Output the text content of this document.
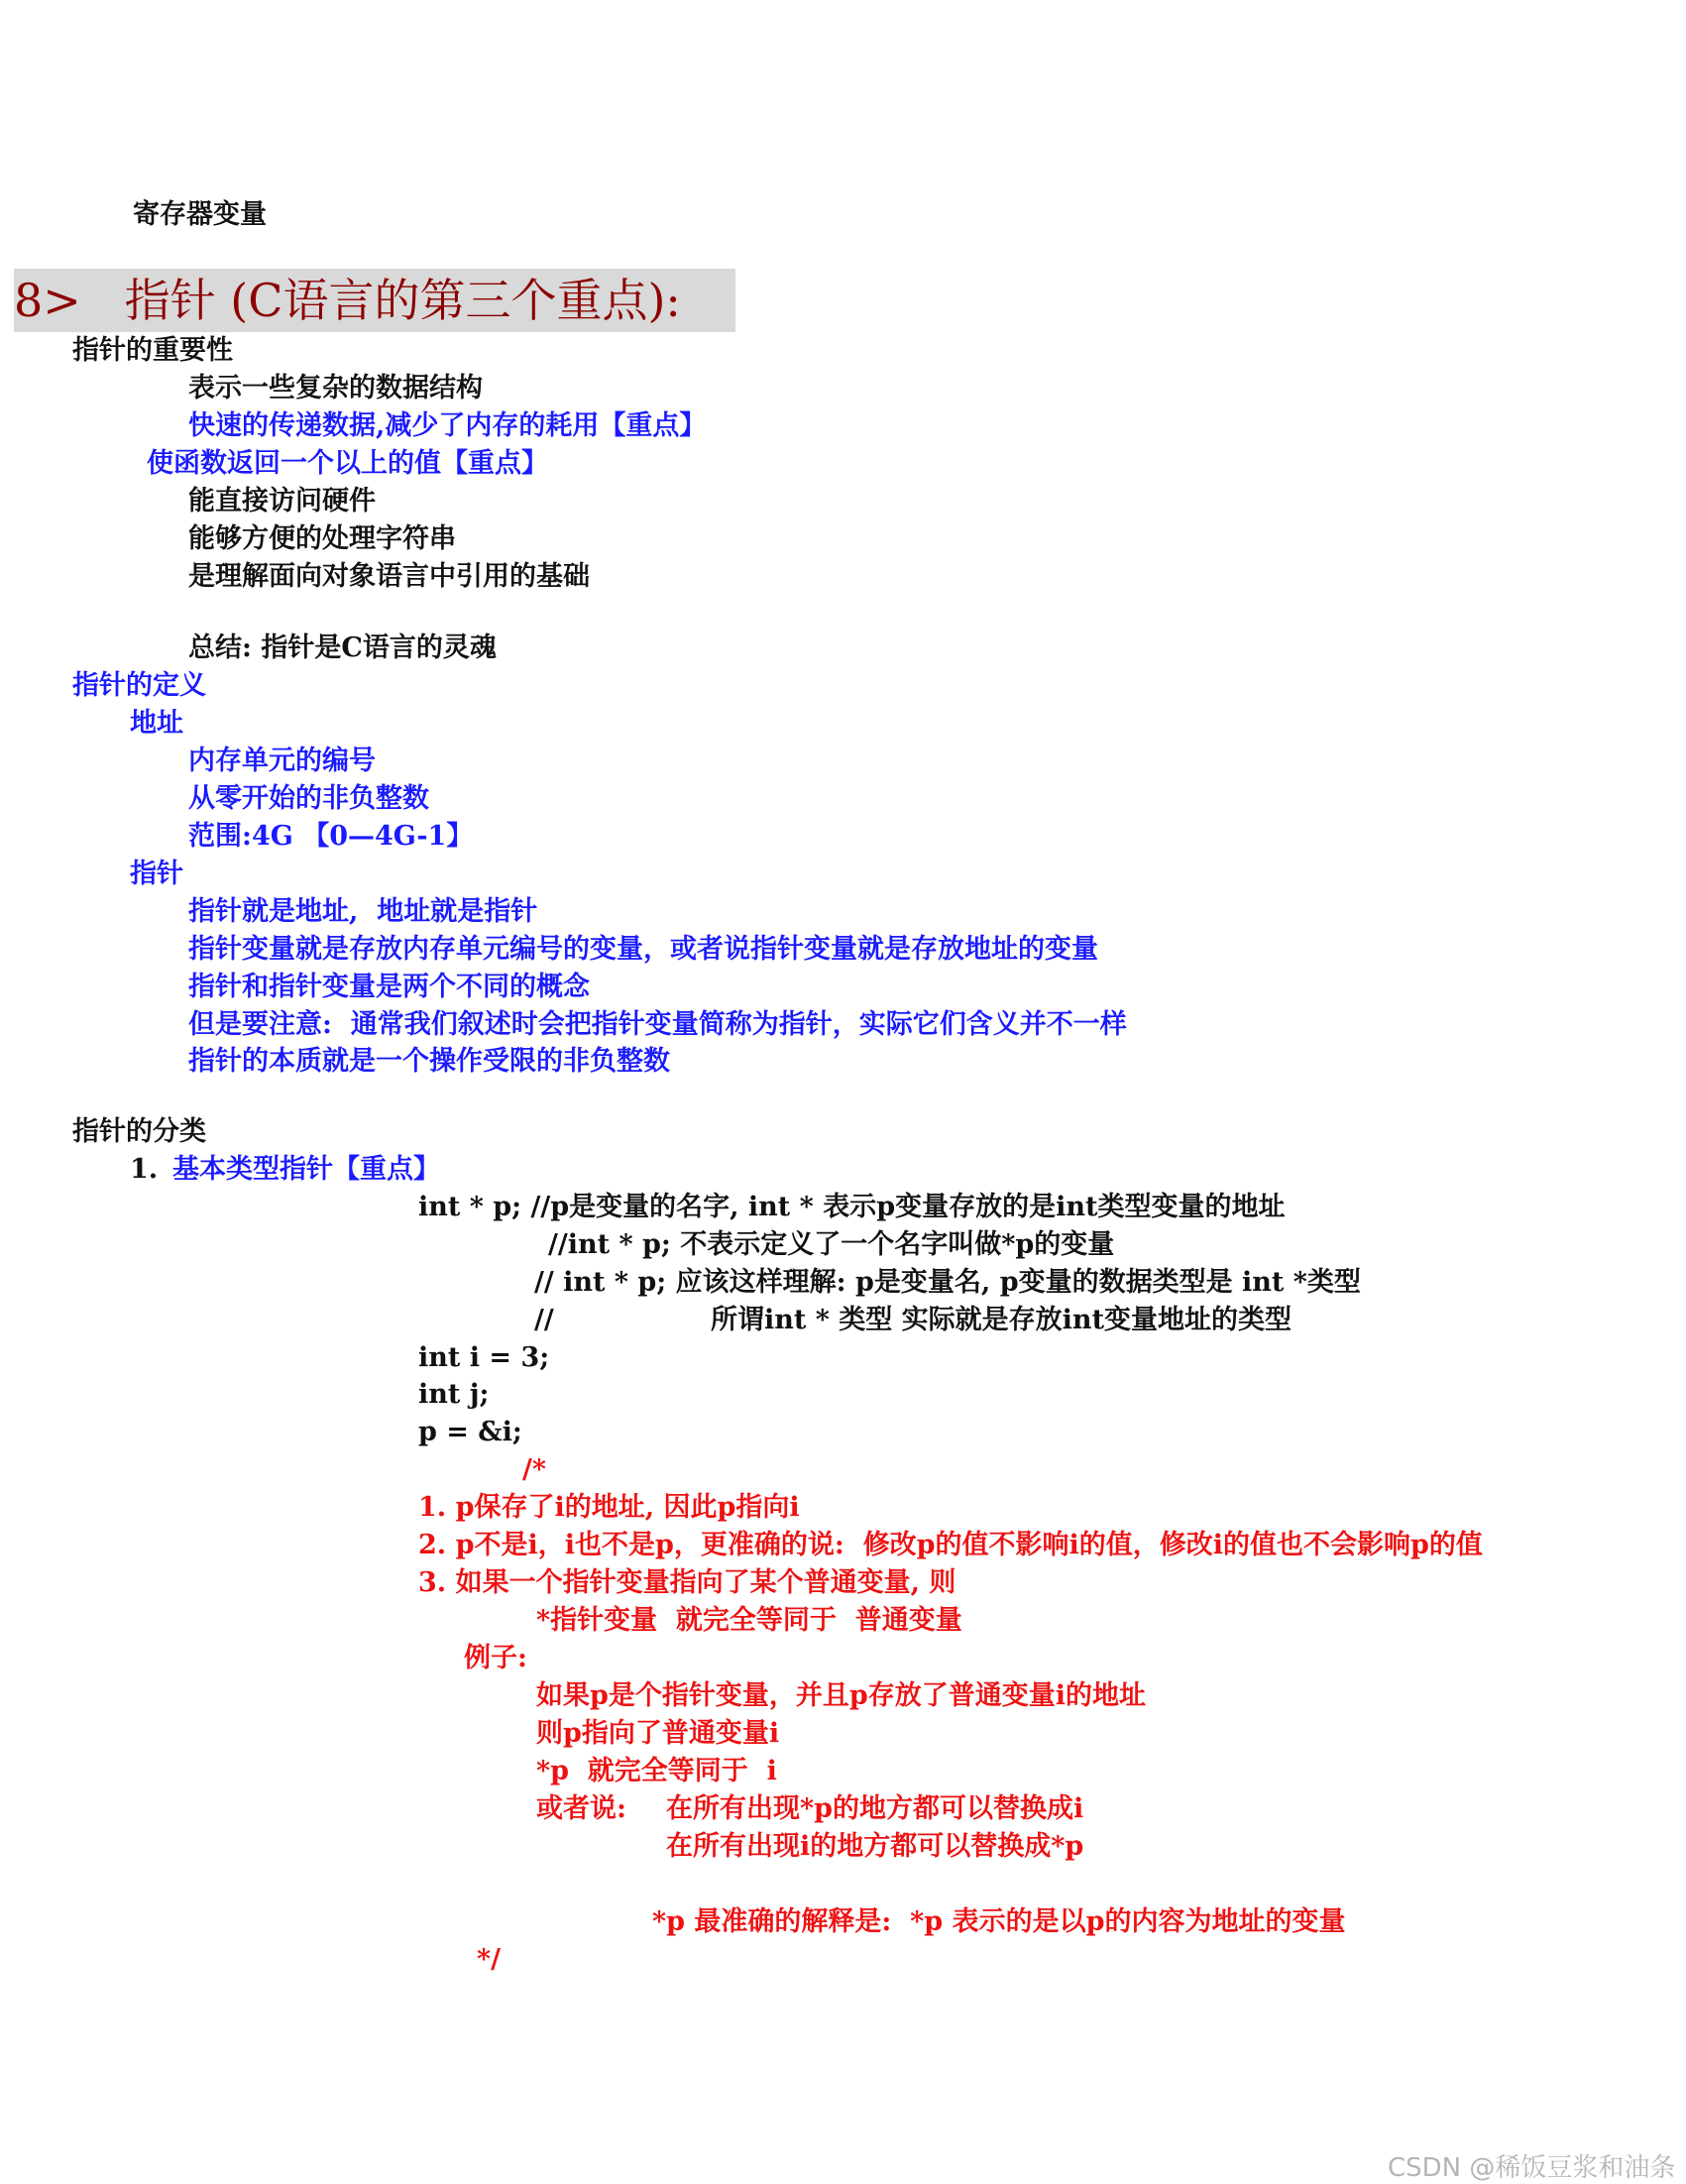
寄存器变量
8>   指针 (C语言的第三个重点):
指针的重要性
表示一些复杂的数据结构
快速的传递数据,减少了内存的耗用【重点】
使函数返回一个以上的值【重点】
能直接访问硬件
能够方便的处理字符串
是理解面向对象语言中引用的基础
总结: 指针是C语言的灵魂
指针的定义
地址
内存单元的编号
从零开始的非负整数
范围:4G 【0—4G-1】
指针
指针就是地址,  地址就是指针
指针变量就是存放内存单元编号的变量，或者说指针变量就是存放地址的变量
指针和指针变量是两个不同的概念
但是要注意:  通常我们叙述时会把指针变量简称为指针，实际它们含义并不一样
指针的本质就是一个操作受限的非负整数
指针的分类
1. 基本类型指针【重点】
int * p; //p是变量的名字, int * 表示p变量存放的是int类型变量的地址
//int * p; 不表示定义了一个名字叫做*p的变量
// int * p; 应该这样理解: p是变量名, p变量的数据类型是 int *类型
//	所谓int * 类型 实际就是存放int变量地址的类型
int i = 3;
int j;
p = &i;
/*
1. p保存了i的地址, 因此p指向i
2. p不是i，i也不是p，更准确的说:  修改p的值不影响i的值，修改i的值也不会影响p的值
3. 如果一个指针变量指向了某个普通变量, 则
*指针变量  就完全等同于  普通变量
例子:
如果p是个指针变量，并且p存放了普通变量i的地址
则p指向了普通变量i
*p  就完全等同于  i
或者说: 在所有出现*p的地方都可以替换成i
在所有出现i的地方都可以替换成*p
*p 最准确的解释是:  *p 表示的是以p的内容为地址的变量
*/
CSDN @稀饭豆浆和油条
